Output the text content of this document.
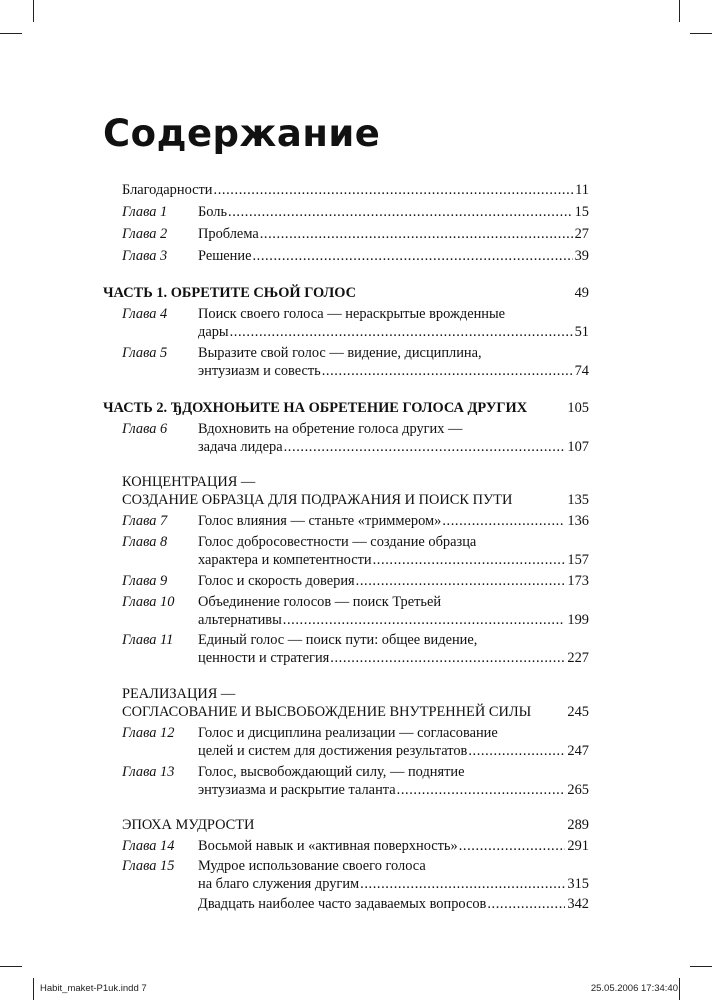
Содержание
Благодарности .....	11
Глава 1	Боль .....	15
Глава 2	Проблема .....	27
Глава 3	Решение .....	39
ЧАСТЬ 1. ОБРЕТИТЕ СЊОЙ ГОЛОС	49
Глава 4	Поиск своего голоса — нераскрытые врожденные
дары .....	51
Глава 5	Выразите свой голос — видение, дисциплина,
энтузиазм и совесть .....	74
ЧАСТЬ 2. ЂДОХНОЊИТЕ НА ОБРЕТЕНИЕ ГОЛОСА ДРУГИХ	105
Глава 6	Вдохновить на обретение голоса других —
задача лидера .....	107
КОНЦЕНТРАЦИЯ —
СОЗДАНИЕ ОБРАЗЦА ДЛЯ ПОДРАЖАНИЯ И ПОИСК ПУТИ	135
Глава 7	Голос влияния — станьте «триммером» .....	136
Глава 8	Голос добросовестности — создание образца
характера и компетентности .....	157
Глава 9	Голос и скорость доверия .....	173
Глава 10	Объединение голосов — поиск Третьей
альтернативы .....	199
Глава 11	Единый голос — поиск пути: общее видение,
ценности и стратегия .....	227
РЕАЛИЗАЦИЯ —
СОГЛАСОВАНИЕ И ВЫСВОБОЖДЕНИЕ ВНУТРЕННЕЙ СИЛЫ	245
Глава 12	Голос и дисциплина реализации — согласование
целей и систем для достижения результатов .....	247
Глава 13	Голос, высвобождающий силу, — поднятие
энтузиазма и раскрытие таланта .....	265
ЭПОХА МУДРОСТИ	289
Глава 14	Восьмой навык и «активная поверхность» .....	291
Глава 15	Мудрое использование своего голоса
на благо служения другим .....	315
Двадцать наиболее часто задаваемых вопросов .....	342
Habit_maket-P1uk.indd 7	25.05.2006 17:34:40
